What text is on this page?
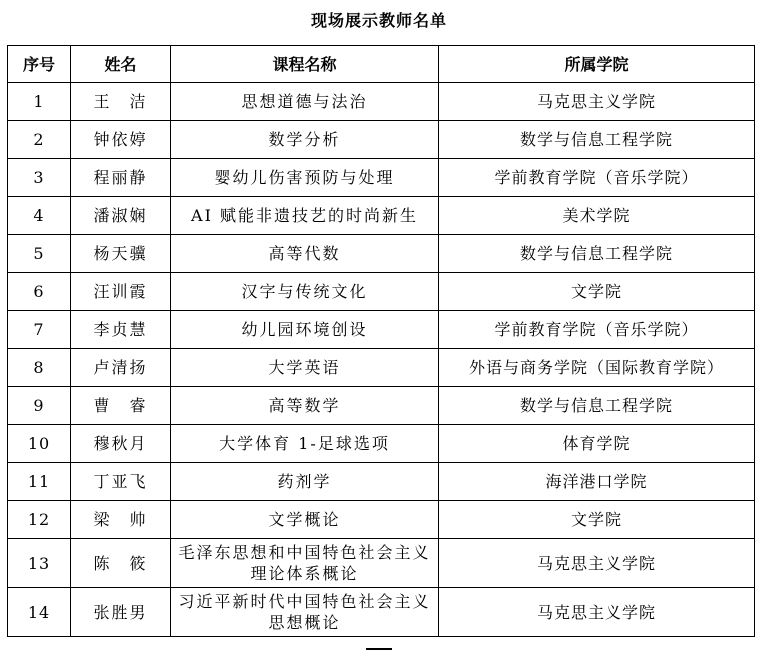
现场展示教师名单
序号	姓名	课程名称	所属学院
1	王　洁	思想道德与法治	马克思主义学院
2	钟依婷	数学分析	数学与信息工程学院
3	程丽静	婴幼儿伤害预防与处理	学前教育学院（音乐学院）
4	潘淑娴	AI 赋能非遗技艺的时尚新生	美术学院
5	杨天骥	高等代数	数学与信息工程学院
6	汪训霞	汉字与传统文化	文学院
7	李贞慧	幼儿园环境创设	学前教育学院（音乐学院）
8	卢清扬	大学英语	外语与商务学院（国际教育学院）
9	曹　睿	高等数学	数学与信息工程学院
10	穆秋月	大学体育 1-足球选项	体育学院
11	丁亚飞	药剂学	海洋港口学院
12	梁　帅	文学概论	文学院
13	陈　筱	毛泽东思想和中国特色社会主义理论体系概论	马克思主义学院
14	张胜男	习近平新时代中国特色社会主义思想概论	马克思主义学院
